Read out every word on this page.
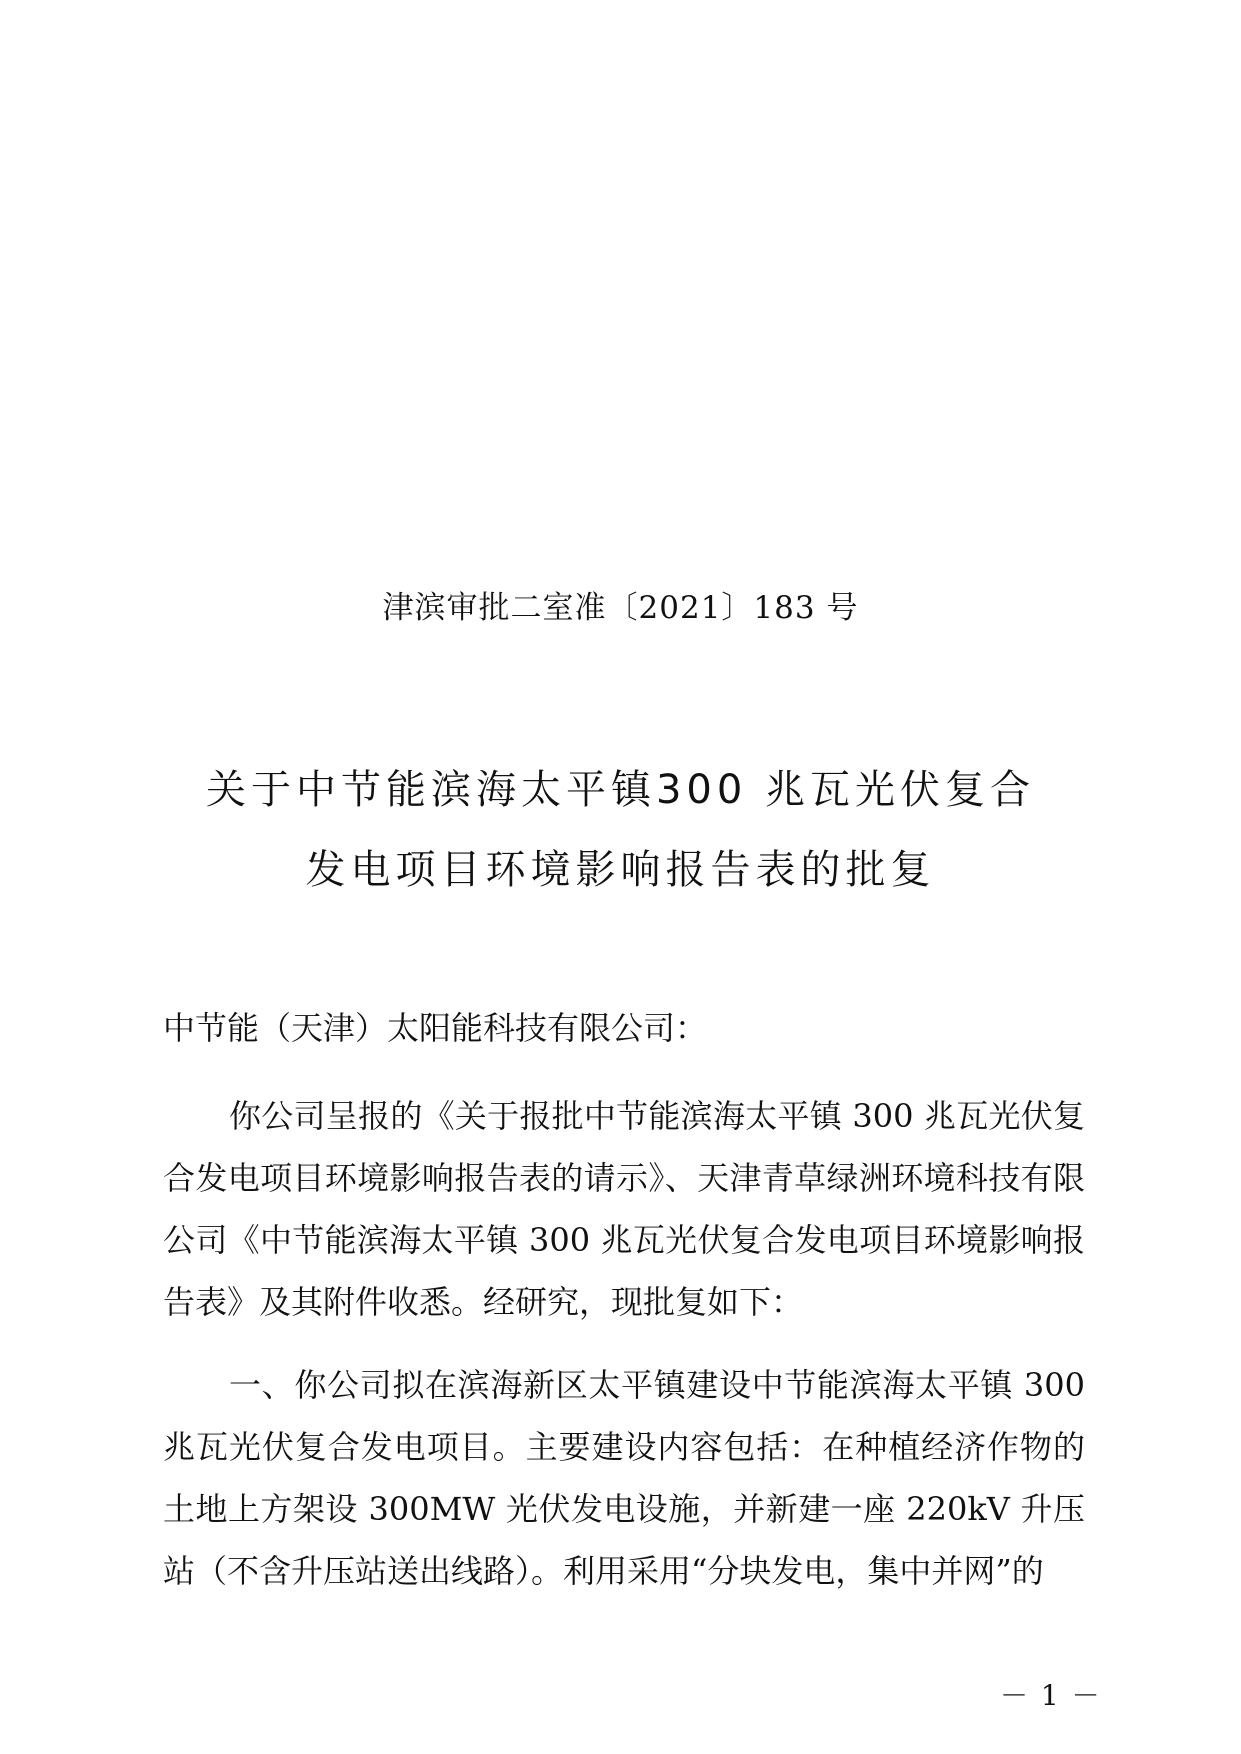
津滨审批二室准〔2021〕183 号
关于中节能滨海太平镇300 兆瓦光伏复合
发电项目环境影响报告表的批复
中节能（天津）太阳能科技有限公司：
你公司呈报的《关于报批中节能滨海太平镇 300 兆瓦光伏复合发电项目环境影响报告表的请示》、天津青草绿洲环境科技有限公司《中节能滨海太平镇 300 兆瓦光伏复合发电项目环境影响报告表》及其附件收悉。经研究，现批复如下：
一、你公司拟在滨海新区太平镇建设中节能滨海太平镇 300 兆瓦光伏复合发电项目。主要建设内容包括：在种植经济作物的土地上方架设 300MW 光伏发电设施，并新建一座 220kV 升压站（不含升压站送出线路）。利用采用“分块发电，集中并网”的
－ 1 －
